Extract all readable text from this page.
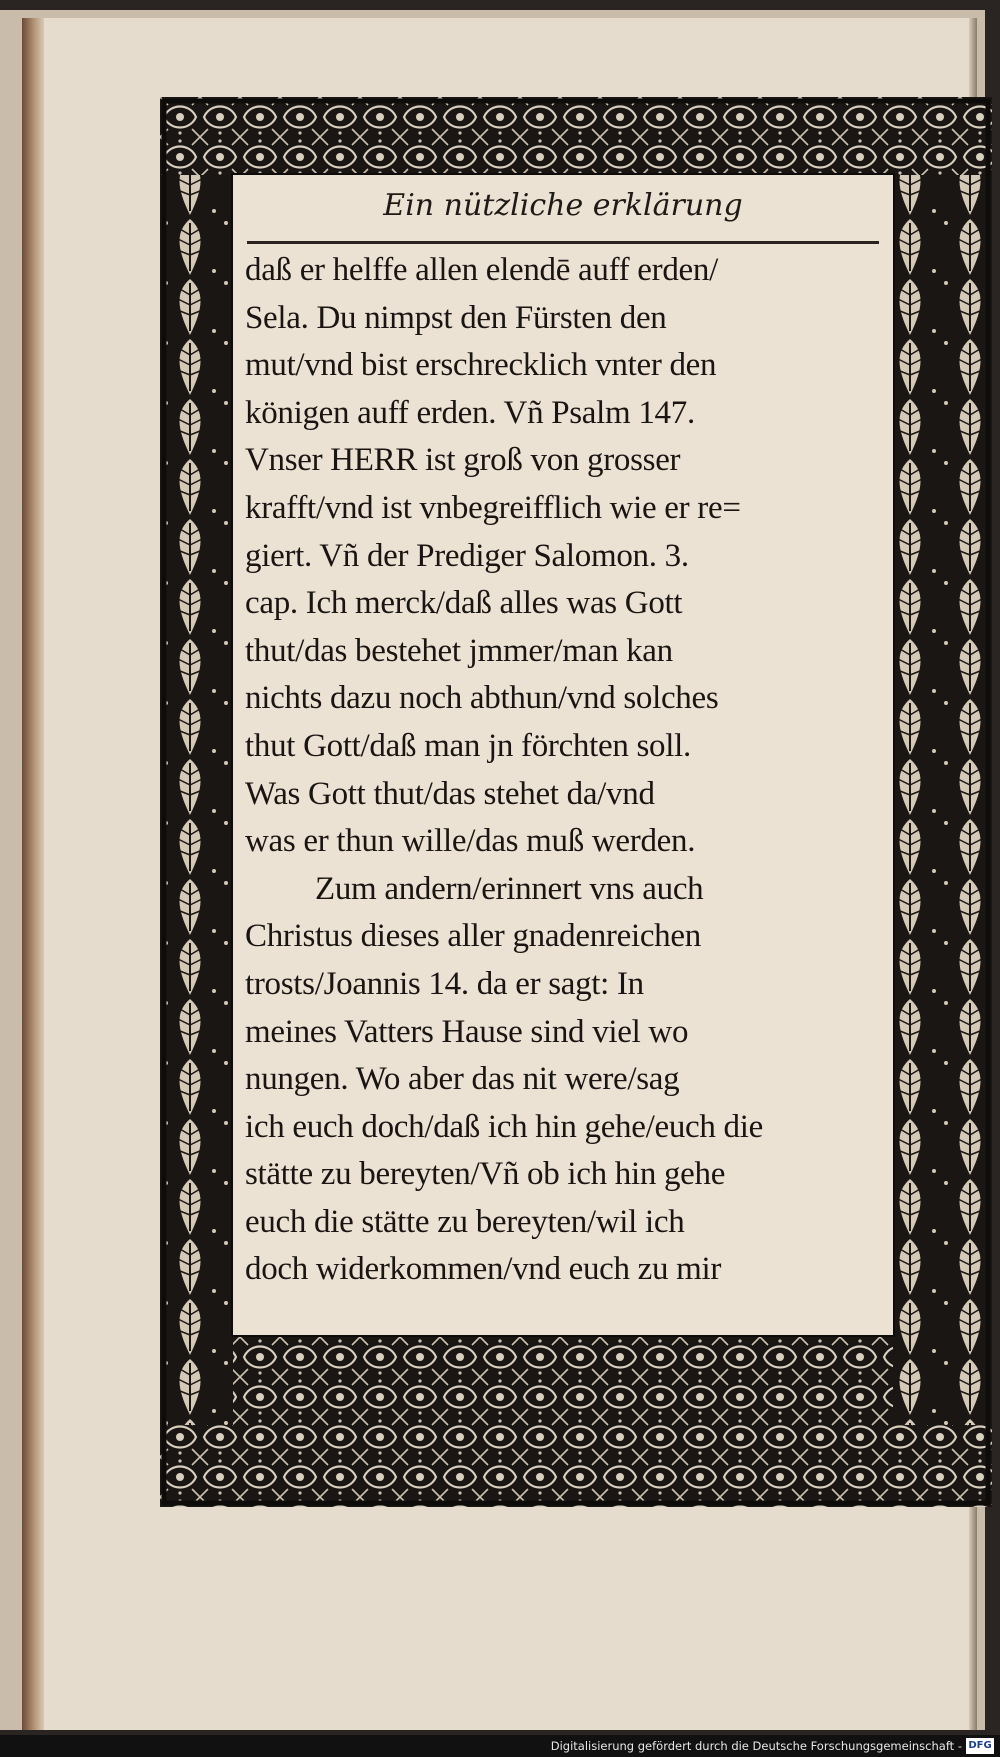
Ein nützliche erklärung
daß er helffe allen elendē auff erden/
Sela. Du nimpst den Fürsten den
mut/vnd bist erschrecklich vnter den
königen auff erden. Vñ Psalm 147.
Vnser HERR ist groß von grosser
krafft/vnd ist vnbegreifflich wie er re=
giert. Vñ der Prediger Salomon. 3.
cap. Ich merck/daß alles was Gott
thut/das bestehet jmmer/man kan
nichts dazu noch abthun/vnd solches
thut Gott/daß man jn förchten soll.
Was Gott thut/das stehet da/vnd
was er thun wille/das muß werden.
Zum andern/erinnert vns auch
Christus dieses aller gnadenreichen
trosts/Joannis 14. da er sagt: In
meines Vatters Hause sind viel wo
nungen. Wo aber das nit were/sag
ich euch doch/daß ich hin gehe/euch die
stätte zu bereyten/Vñ ob ich hin gehe
euch die stätte zu bereyten/wil ich
doch widerkommen/vnd euch zu mir
Digitalisierung gefördert durch die Deutsche Forschungsgemeinschaft - DFG
